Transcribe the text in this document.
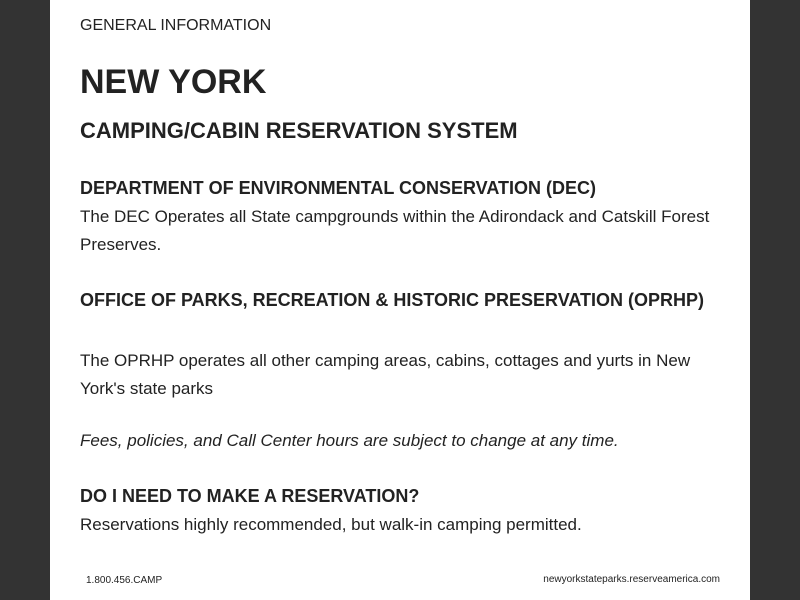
GENERAL INFORMATION
NEW YORK
CAMPING/CABIN RESERVATION SYSTEM
DEPARTMENT OF ENVIRONMENTAL CONSERVATION (DEC)
The DEC Operates all State campgrounds within the Adirondack and Catskill Forest Preserves.
OFFICE OF PARKS, RECREATION & HISTORIC PRESERVATION (OPRHP)
The OPRHP operates all other camping areas, cabins, cottages and yurts in New York's state parks
Fees, policies, and Call Center hours are subject to change at any time.
DO I NEED TO MAKE A RESERVATION?
Reservations highly recommended, but walk-in camping permitted.
1.800.456.CAMP	newyorkstateparks.reserveamerica.com
